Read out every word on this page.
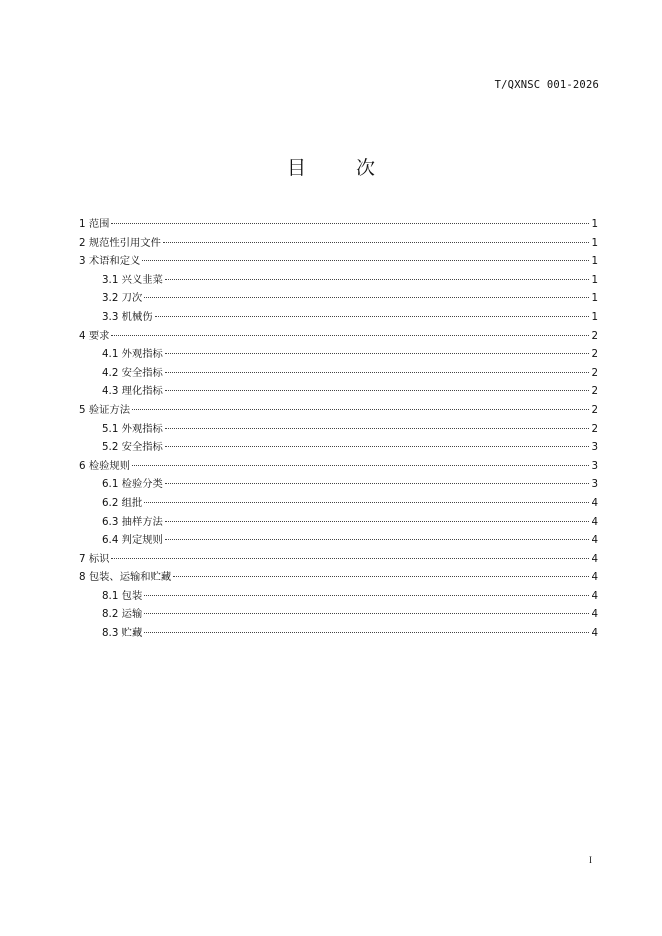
T/QXNSC 001-2026
目 次
1 范围	1
2 规范性引用文件	1
3 术语和定义	1
3.1 兴义韭菜	1
3.2 刀次	1
3.3 机械伤	1
4 要求	2
4.1 外观指标	2
4.2 安全指标	2
4.3 理化指标	2
5 验证方法	2
5.1 外观指标	2
5.2 安全指标	3
6 检验规则	3
6.1 检验分类	3
6.2 组批	4
6.3 抽样方法	4
6.4 判定规则	4
7 标识	4
8 包装、运输和贮藏	4
8.1 包装	4
8.2 运输	4
8.3 贮藏	4
I
